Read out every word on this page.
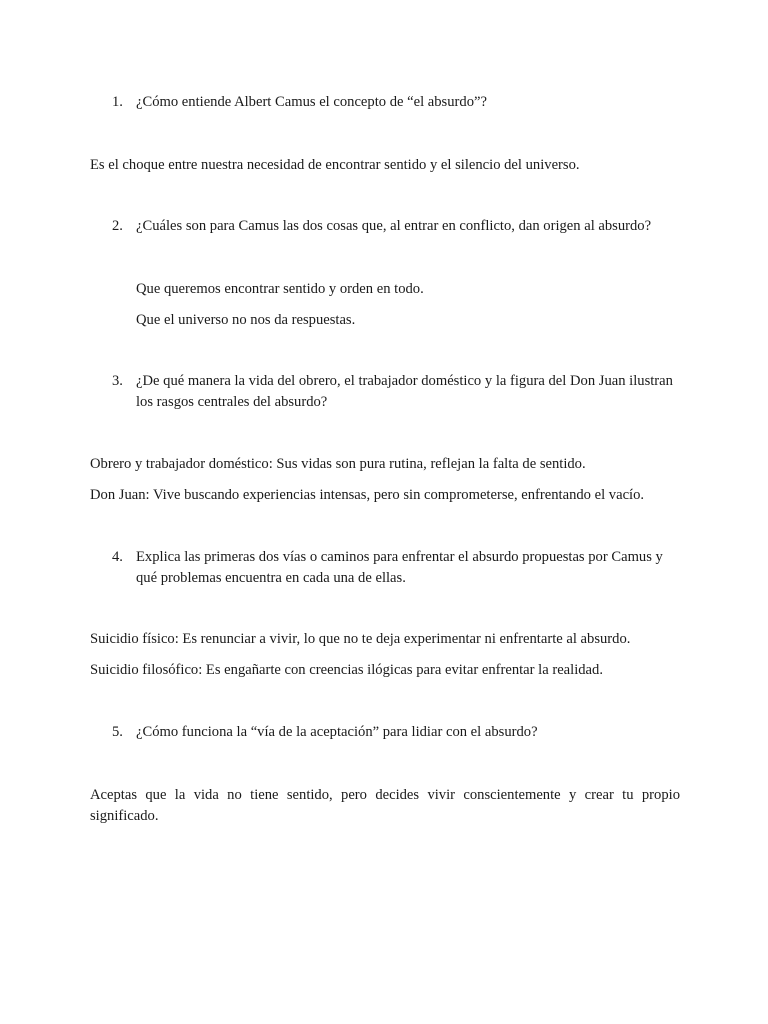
1. ¿Cómo entiende Albert Camus el concepto de “el absurdo”?
Es el choque entre nuestra necesidad de encontrar sentido y el silencio del universo.
2. ¿Cuáles son para Camus las dos cosas que, al entrar en conflicto, dan origen al absurdo?
Que queremos encontrar sentido y orden en todo.
Que el universo no nos da respuestas.
3. ¿De qué manera la vida del obrero, el trabajador doméstico y la figura del Don Juan ilustran los rasgos centrales del absurdo?
Obrero y trabajador doméstico: Sus vidas son pura rutina, reflejan la falta de sentido.
Don Juan: Vive buscando experiencias intensas, pero sin comprometerse, enfrentando el vacío.
4. Explica las primeras dos vías o caminos para enfrentar el absurdo propuestas por Camus y qué problemas encuentra en cada una de ellas.
Suicidio físico: Es renunciar a vivir, lo que no te deja experimentar ni enfrentarte al absurdo.
Suicidio filosófico: Es engañarte con creencias ilógicas para evitar enfrentar la realidad.
5. ¿Cómo funciona la “vía de la aceptación” para lidiar con el absurdo?
Aceptas que la vida no tiene sentido, pero decides vivir conscientemente y crear tu propio significado.
